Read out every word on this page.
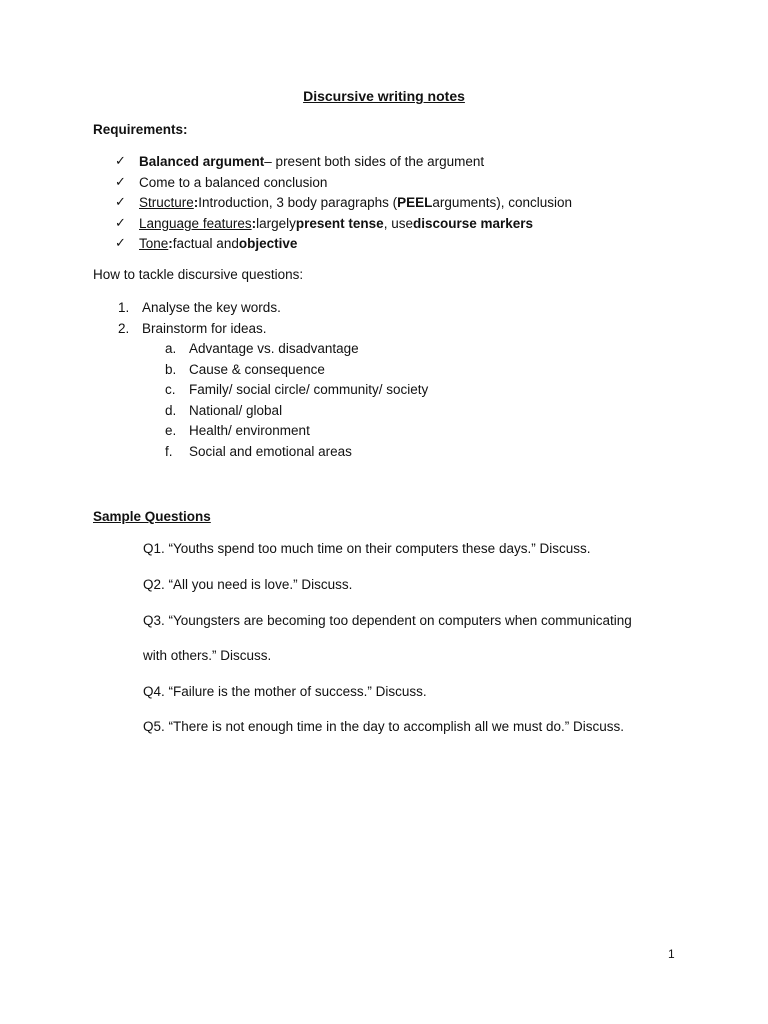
Discursive writing notes
Requirements:
✓ Balanced argument – present both sides of the argument
✓ Come to a balanced conclusion
✓ Structure : Introduction, 3 body paragraphs ( PEEL arguments), conclusion
✓ Language features : largely present tense , use discourse markers
✓ Tone : factual and objective
How to tackle discursive questions:
1. Analyse the key words.
2. Brainstorm for ideas.
a. Advantage vs. disadvantage
b. Cause & consequence
c. Family/ social circle/ community/ society
d. National/ global
e. Health/ environment
f. Social and emotional areas
Sample Questions
Q1. “Youths spend too much time on their computers these days.” Discuss.
Q2. “All you need is love.” Discuss.
Q3. “Youngsters are becoming too dependent on computers when communicating
with others.” Discuss.
Q4. “Failure is the mother of success.” Discuss.
Q5. “There is not enough time in the day to accomplish all we must do.” Discuss.
1
